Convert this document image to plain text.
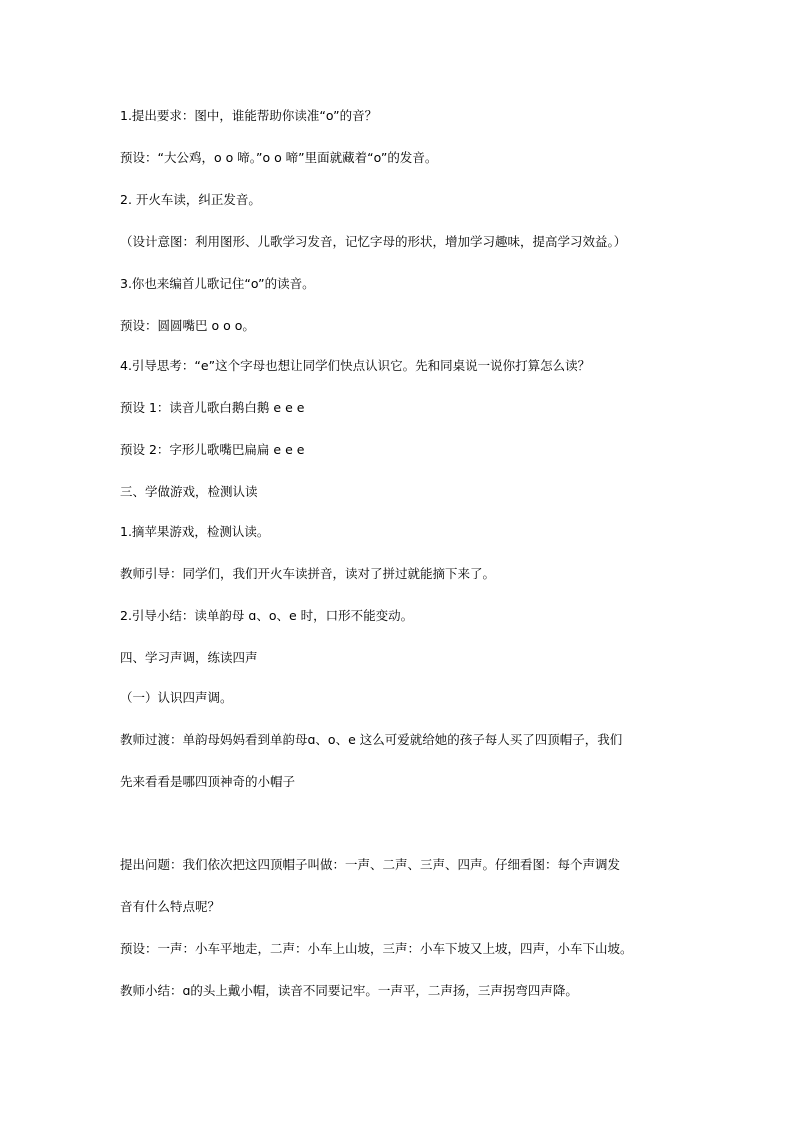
1.提出要求：图中，谁能帮助你读准“o”的音？
预设：“大公鸡，o o 啼。”o o 啼”里面就藏着“o”的发音。
2. 开火车读，纠正发音。
（设计意图：利用图形、儿歌学习发音，记忆字母的形状，增加学习趣味，提高学习效益。）
3.你也来编首儿歌记住“o”的读音。
预设：圆圆嘴巴 o o o。
4.引导思考：“e”这个字母也想让同学们快点认识它。先和同桌说一说你打算怎么读？
预设 1：读音儿歌白鹅白鹅 e e e
预设 2：字形儿歌嘴巴扁扁 e e e
三、学做游戏，检测认读
1.摘苹果游戏，检测认读。
教师引导：同学们，我们开火车读拼音，读对了拼过就能摘下来了。
2.引导小结：读单韵母 ɑ、o、e 时，口形不能变动。
四、学习声调，练读四声
（一）认识四声调。
教师过渡：单韵母妈妈看到单韵母ɑ、o、e 这么可爱就给她的孩子每人买了四顶帽子，我们
先来看看是哪四顶神奇的小帽子
提出问题：我们依次把这四顶帽子叫做：一声、二声、三声、四声。仔细看图：每个声调发
音有什么特点呢？
预设：一声：小车平地走，二声：小车上山坡，三声：小车下坡又上坡，四声，小车下山坡。
教师小结：ɑ的头上戴小帽，读音不同要记牢。一声平，二声扬，三声拐弯四声降。
